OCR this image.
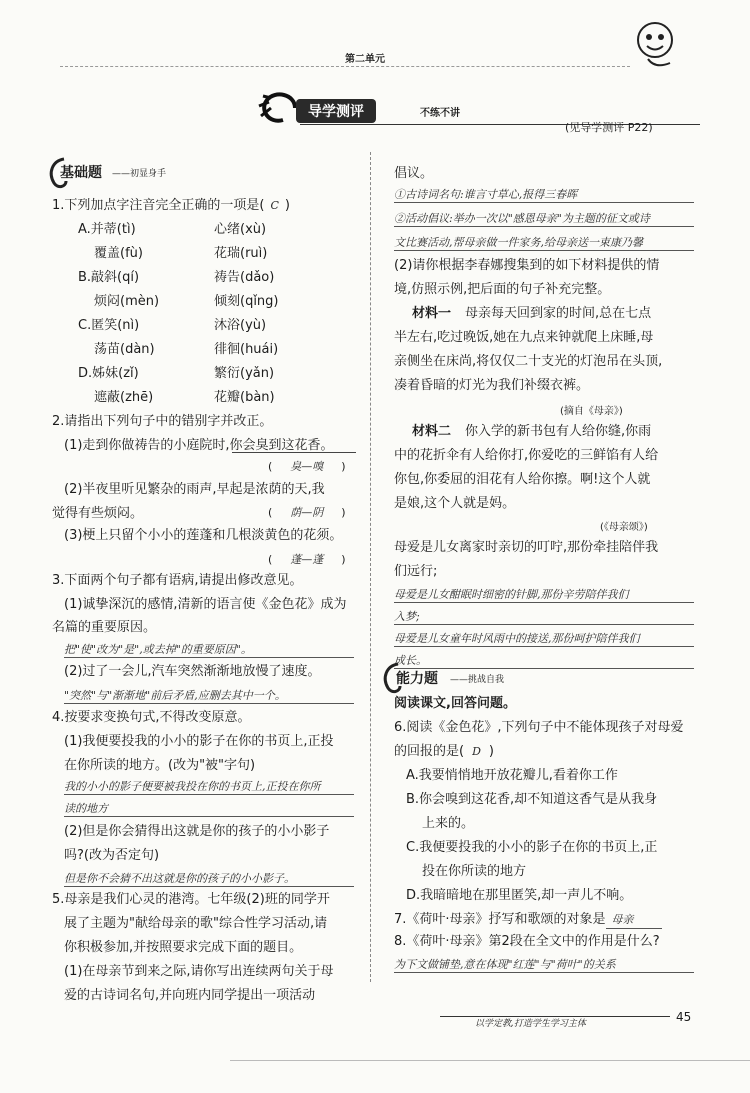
第二单元
导学测评	不练不讲
(见导学测评 P22)
基础题 ——初显身手
1.下列加点字注音完全正确的一项是( C )
A.并蒂(tì)	心绪(xù)
覆盖(fù)	花瑞(ruì)
B.敲斜(qí)	祷告(dǎo)
烦闷(mèn)	倾刻(qǐng)
C.匿笑(nì)	沐浴(yù)
荡苗(dàn)	徘徊(huái)
D.姊妹(zǐ)	繁衍(yǎn)
遮蔽(zhē)	花瓣(bàn)
2.请指出下列句子中的错别字并改正。
(1)走到你做祷告的小庭院时,你会臭到这花香。
( 臭—嗅 )
(2)半夜里听见繁杂的雨声,早起是浓荫的天,我
觉得有些烦闷。	( 荫—阴 )
(3)梗上只留个小小的莲蓬和几根淡黄色的花须。
( 蓬—蓬 )
3.下面两个句子都有语病,请提出修改意见。
(1)诚挚深沉的感情,清新的语言使《金色花》成为
名篇的重要原因。
把"使"改为"是",或去掉"的重要原因"。
(2)过了一会儿,汽车突然渐渐地放慢了速度。
"突然"与"渐渐地"前后矛盾,应删去其中一个。
4.按要求变换句式,不得改变原意。
(1)我便要投我的小小的影子在你的书页上,正投
在你所读的地方。(改为"被"字句)
我的小小的影子便要被我投在你的书页上,正投在你所
读的地方
(2)但是你会猜得出这就是你的孩子的小小影子
吗?(改为否定句)
但是你不会猜不出这就是你的孩子的小小影子。
5.母亲是我们心灵的港湾。七年级(2)班的同学开
展了主题为"献给母亲的歌"综合性学习活动,请
你积极参加,并按照要求完成下面的题目。
(1)在母亲节到来之际,请你写出连续两句关于母
爱的古诗词名句,并向班内同学提出一项活动
倡议。
①古诗词名句:谁言寸草心,报得三春晖
②活动倡议:举办一次以"感恩母亲"为主题的征文或诗
文比赛活动,帮母亲做一件家务,给母亲送一束康乃馨
(2)请你根据李春娜搜集到的如下材料提供的情
境,仿照示例,把后面的句子补充完整。
材料一 母亲每天回到家的时间,总在七点
半左右,吃过晚饭,她在九点来钟就爬上床睡,母
亲侧坐在床尚,将仅仅二十支光的灯泡吊在头顶,
凑着昏暗的灯光为我们补缀衣裤。
(摘自《母亲》)
材料二 你入学的新书包有人给你缝,你雨
中的花折伞有人给你打,你爱吃的三鲜馅有人给
你包,你委屈的泪花有人给你擦。啊!这个人就
是娘,这个人就是妈。
(《母亲颂》)
母爱是儿女离家时亲切的叮咛,那份牵挂陪伴我
们远行;
母爱是儿女酣眠时细密的针脚,那份辛劳陪伴我们
入梦;
母爱是儿女童年时风雨中的接送,那份呵护陪伴我们
成长。
能力题 ——挑战自我
阅读课文,回答问题。
6.阅读《金色花》,下列句子中不能体现孩子对母爱
的回报的是( D )
A.我要悄悄地开放花瓣儿,看着你工作
B.你会嗅到这花香,却不知道这香气是从我身
上来的。
C.我便要投我的小小的影子在你的书页上,正
投在你所读的地方
D.我暗暗地在那里匿笑,却一声儿不响。
7.《荷叶·母亲》抒写和歌颂的对象是 母亲
8.《荷叶·母亲》第2段在全文中的作用是什么?
为下文做铺垫,意在体现"红莲"与"荷叶"的关系
以学定教,打造学生学习主体	45
